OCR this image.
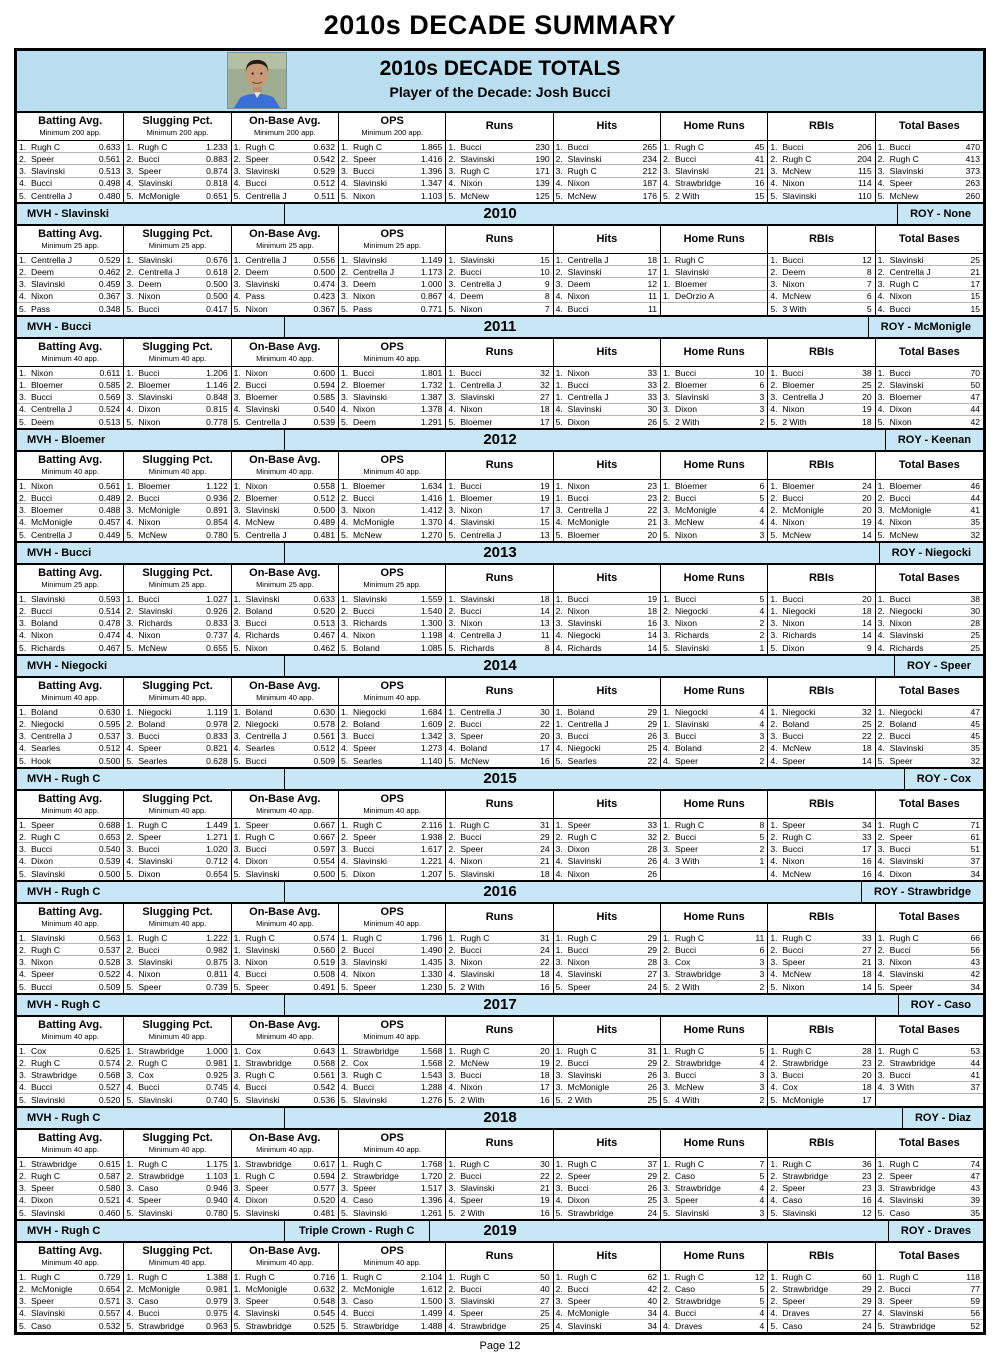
2010s DECADE SUMMARY
2010s DECADE TOTALS
Player of the Decade: Josh Bucci
Batting Avg.
Minimum 200 app.
1. Rugh C	0.633
2. Speer	0.561
3. Slavinski	0.513
4. Bucci	0.498
5. Centrella J	0.480
Slugging Pct.
Minimum 200 app.
1. Rugh C	1.233
2. Bucci	0.883
3. Speer	0.874
4. Slavinski	0.818
5. McMonigle	0.651
On-Base Avg.
Minimum 200 app.
1. Rugh C	0.632
2. Speer	0.542
3. Slavinski	0.529
4. Bucci	0.512
5. Centrella J	0.511
OPS
Minimum 200 app.
1. Rugh C	1.865
2. Speer	1.416
3. Bucci	1.396
4. Slavinski	1.347
5. Nixon	1.103
Runs
1. Bucci	230
2. Slavinski	190
3. Rugh C	171
4. Nixon	139
5. McNew	125
Hits
1. Bucci	265
2. Slavinski	234
3. Rugh C	212
4. Nixon	187
5. McNew	176
Home Runs
1. Rugh C	45
2. Bucci	41
3. Slavinski	21
4. Strawbridge	16
5. 2 With	15
RBIs
1. Bucci	206
2. Rugh C	204
3. McNew	115
4. Nixon	114
5. Slavinski	110
Total Bases
1. Bucci	470
2. Rugh C	413
3. Slavinski	373
4. Speer	263
5. McNew	260
MVH - Slavinski	2010	ROY - None
Batting Avg.
Minimum 25 app.
1. Centrella J	0.529
2. Deem	0.462
3. Slavinski	0.459
4. Nixon	0.367
5. Pass	0.348
Slugging Pct.
Minimum 25 app.
1. Slavinski	0.676
2. Centrella J	0.618
3. Deem	0.500
3. Nixon	0.500
5. Bucci	0.417
On-Base Avg.
Minimum 25 app.
1. Centrella J	0.556
2. Deem	0.500
3. Slavinski	0.474
4. Pass	0.423
5. Nixon	0.367
OPS
Minimum 25 app.
1. Slavinski	1.149
2. Centrella J	1.173
3. Deem	1.000
3. Nixon	0.867
5. Pass	0.771
Runs
1. Slavinski	15
2. Bucci	10
3. Centrella J	9
4. Deem	8
5. Nixon	7
Hits
1. Centrella J	18
2. Slavinski	17
3. Deem	12
4. Nixon	11
4. Bucci	11
Home Runs
1. Rugh C
1. Slavinski
1. Bloemer
1. DeOrzio A
RBIs
1. Bucci	12
2. Deem	8
3. Nixon	7
4. McNew	6
5. 3 With	5
Total Bases
1. Slavinski	25
2. Centrella J	21
3. Rugh C	17
4. Nixon	15
4. Bucci	15
MVH - Bucci	2011	ROY - McMonigle
Batting Avg.
Minimum 40 app.
1. Nixon	0.611
1. Bloemer	0.585
3. Bucci	0.569
4. Centrella J	0.524
5. Deem	0.513
Slugging Pct.
Minimum 40 app.
1. Bucci	1.206
2. Bloemer	1.146
3. Slavinski	0.848
4. Dixon	0.815
5. Nixon	0.778
On-Base Avg.
Minimum 40 app.
1. Nixon	0.600
2. Bucci	0.594
3. Bloemer	0.585
4. Slavinski	0.540
5. Centrella J	0.539
OPS
Minimum 40 app.
1. Bucci	1.801
2. Bloemer	1.732
3. Slavinski	1.387
4. Nixon	1.378
5. Deem	1.291
Runs
1. Bucci	32
1. Centrella J	32
3. Slavinski	27
4. Nixon	18
5. Bloemer	17
Hits
1. Nixon	33
1. Bucci	33
1. Centrella J	33
4. Slavinski	30
5. Dixon	26
Home Runs
1. Bucci	10
2. Bloemer	6
3. Slavinski	3
3. Dixon	3
5. 2 With	2
RBIs
1. Bucci	38
2. Bloemer	25
3. Centrella J	20
4. Nixon	19
5. 2 With	18
Total Bases
1. Bucci	70
2. Slavinski	50
3. Bloemer	47
4. Dixon	44
5. Nixon	42
MVH - Bloemer	2012	ROY - Keenan
Batting Avg.
Minimum 40 app.
1. Nixon	0.561
2. Bucci	0.489
3. Bloemer	0.488
4. McMonigle	0.457
5. Centrella J	0.449
Slugging Pct.
Minimum 40 app.
1. Bloemer	1.122
2. Bucci	0.936
3. McMonigle	0.891
4. Nixon	0.854
5. McNew	0.780
On-Base Avg.
Minimum 40 app.
1. Nixon	0.558
2. Bloemer	0.512
3. Slavinski	0.500
4. McNew	0.489
5. Centrella J	0.481
OPS
Minimum 40 app.
1. Bloemer	1.634
2. Bucci	1.416
3. Nixon	1.412
4. McMonigle	1.370
5. McNew	1.270
Runs
1. Bucci	19
1. Bloemer	19
3. Nixon	17
4. Slavinski	15
5. Centrella J	13
Hits
1. Nixon	23
1. Bucci	23
3. Centrella J	22
4. McMonigle	21
5. Bloemer	20
Home Runs
1. Bloemer	6
2. Bucci	5
3. McMonigle	4
3. McNew	4
5. Nixon	3
RBIs
1. Bloemer	24
2. Bucci	20
2. McMonigle	20
4. Nixon	19
5. McNew	14
Total Bases
1. Bloemer	46
2. Bucci	44
3. McMonigle	41
4. Nixon	35
5. McNew	32
MVH - Bucci	2013	ROY - Niegocki
Batting Avg.
Minimum 25 app.
1. Slavinski	0.593
2. Bucci	0.514
3. Boland	0.478
4. Nixon	0.474
5. Richards	0.467
Slugging Pct.
Minimum 25 app.
1. Bucci	1.027
2. Slavinski	0.926
3. Richards	0.833
4. Nixon	0.737
5. McNew	0.655
On-Base Avg.
Minimum 25 app.
1. Slavinski	0.633
2. Boland	0.520
3. Bucci	0.513
4. Richards	0.467
5. Nixon	0.462
OPS
Minimum 25 app.
1. Slavinski	1.559
2. Bucci	1.540
3. Richards	1.300
4. Nixon	1.198
5. Boland	1.085
Runs
1. Slavinski	18
2. Bucci	14
3. Nixon	13
4. Centrella J	11
5. Richards	8
Hits
1. Bucci	19
2. Nixon	18
3. Slavinski	16
4. Niegocki	14
4. Richards	14
Home Runs
1. Bucci	5
2. Niegocki	4
3. Nixon	2
3. Richards	2
5. Slavinski	1
RBIs
1. Bucci	20
1. Niegocki	18
3. Nixon	14
3. Richards	14
5. Dixon	9
Total Bases
1. Bucci	38
2. Niegocki	30
3. Nixon	28
4. Slavinski	25
4. Richards	25
MVH - Niegocki	2014	ROY - Speer
Batting Avg.
Minimum 40 app.
1. Boland	0.630
2. Niegocki	0.595
3. Centrella J	0.537
4. Searles	0.512
5. Hook	0.500
Slugging Pct.
Minimum 40 app.
1. Niegocki	1.119
2. Boland	0.978
3. Bucci	0.833
4. Speer	0.821
5. Searles	0.628
On-Base Avg.
Minimum 40 app.
1. Boland	0.630
2. Niegocki	0.578
3. Centrella J	0.561
4. Searles	0.512
5. Bucci	0.509
OPS
Minimum 40 app.
1. Niegocki	1.684
2. Boland	1.609
3. Bucci	1.342
4. Speer	1.273
5. Searles	1.140
Runs
1. Centrella J	30
2. Bucci	22
3. Speer	20
4. Boland	17
5. McNew	16
Hits
1. Boland	29
1. Centrella J	29
3. Bucci	26
4. Niegocki	25
5. Searles	22
Home Runs
1. Niegocki	4
1. Slavinski	4
3. Bucci	3
4. Boland	2
4. Speer	2
RBIs
1. Niegocki	32
2. Boland	25
3. Bucci	22
4. McNew	18
4. Speer	14
Total Bases
1. Niegocki	47
2. Boland	45
2. Bucci	45
4. Slavinski	35
5. Speer	32
MVH - Rugh C	2015	ROY - Cox
Batting Avg.
Minimum 40 app.
1. Speer	0.688
2. Rugh C	0.653
3. Bucci	0.540
4. Dixon	0.539
5. Slavinski	0.500
Slugging Pct.
Minimum 40 app.
1. Rugh C	1.449
2. Speer	1.271
3. Bucci	1.020
4. Slavinski	0.712
5. Dixon	0.654
On-Base Avg.
Minimum 40 app.
1. Speer	0.667
1. Rugh C	0.667
3. Bucci	0.597
4. Dixon	0.554
5. Slavinski	0.500
OPS
Minimum 40 app.
1. Rugh C	2.116
2. Speer	1.938
3. Bucci	1.617
4. Slavinski	1.221
5. Dixon	1.207
Runs
1. Rugh C	31
2. Bucci	29
2. Speer	24
4. Nixon	21
5. Slavinski	18
Hits
1. Speer	33
2. Rugh C	32
3. Dixon	28
4. Slavinski	26
4. Nixon	26
Home Runs
1. Rugh C	8
2. Bucci	5
3. Speer	2
4. 3 With	1
RBIs
1. Speer	34
2. Rugh C	33
3. Bucci	17
4. Nixon	16
4. McNew	16
Total Bases
1. Rugh C	71
2. Speer	61
3. Bucci	51
4. Slavinski	37
4. Dixon	34
MVH - Rugh C	2016	ROY - Strawbridge
Batting Avg.
Minimum 40 app.
1. Slavinski	0.563
2. Rugh C	0.537
3. Nixon	0.528
4. Speer	0.522
5. Bucci	0.509
Slugging Pct.
Minimum 40 app.
1. Rugh C	1.222
2. Bucci	0.982
3. Slavinski	0.875
4. Nixon	0.811
5. Speer	0.739
On-Base Avg.
Minimum 40 app.
1. Rugh C	0.574
1. Slavinski	0.560
3. Nixon	0.519
4. Bucci	0.508
5. Speer	0.491
OPS
Minimum 40 app.
1. Rugh C	1.796
2. Bucci	1.490
3. Slavinski	1.435
4. Nixon	1.330
5. Speer	1.230
Runs
1. Rugh C	31
2. Bucci	24
3. Nixon	22
4. Slavinski	18
5. 2 With	16
Hits
1. Rugh C	29
1. Bucci	29
3. Nixon	28
4. Slavinski	27
5. Speer	24
Home Runs
1. Rugh C	11
2. Bucci	6
3. Cox	3
3. Strawbridge	3
5. 2 With	2
RBIs
1. Rugh C	33
2. Bucci	27
3. Speer	21
4. McNew	18
5. Nixon	14
Total Bases
1. Rugh C	66
2. Bucci	56
3. Nixon	43
4. Slavinski	42
5. Speer	34
MVH - Rugh C	2017	ROY - Caso
Batting Avg.
Minimum 40 app.
1. Cox	0.625
2. Rugh C	0.574
3. Strawbridge	0.568
4. Bucci	0.527
5. Slavinski	0.520
Slugging Pct.
Minimum 40 app.
1. Strawbridge	1.000
2. Rugh C	0.981
3. Cox	0.925
4. Bucci	0.745
5. Slavinski	0.740
On-Base Avg.
Minimum 40 app.
1. Cox	0.643
1. Strawbridge	0.568
3. Rugh C	0.561
4. Bucci	0.542
5. Slavinski	0.536
OPS
Minimum 40 app.
1. Strawbridge	1.568
2. Cox	1.568
3. Rugh C	1.543
4. Bucci	1.288
5. Slavinski	1.276
Runs
1. Rugh C	20
2. McNew	19
3. Bucci	18
4. Nixon	17
5. 2 With	16
Hits
1. Rugh C	31
2. Bucci	29
3. Slavinski	26
3. McMonigle	26
5. 2 With	25
Home Runs
1. Rugh C	5
2. Strawbridge	4
3. Bucci	3
3. McNew	3
5. 4 With	2
RBIs
1. Rugh C	28
2. Strawbridge	23
3. Bucci	20
4. Cox	18
5. McMonigle	17
Total Bases
1. Rugh C	53
2. Strawbridge	44
3. Bucci	41
4. 3 With	37
MVH - Rugh C	2018	ROY - Diaz
Batting Avg.
Minimum 40 app.
1. Strawbridge	0.615
2. Rugh C	0.587
3. Speer	0.580
4. Dixon	0.521
5. Slavinski	0.460
Slugging Pct.
Minimum 40 app.
1. Rugh C	1.175
2. Strawbridge	1.103
3. Caso	0.946
4. Speer	0.940
5. Slavinski	0.780
On-Base Avg.
Minimum 40 app.
1. Strawbridge	0.617
1. Rugh C	0.594
3. Speer	0.577
4. Dixon	0.520
5. Slavinski	0.481
OPS
Minimum 40 app.
1. Rugh C	1.768
2. Strawbridge	1.720
3. Speer	1.517
4. Caso	1.396
5. Slavinski	1.261
Runs
1. Rugh C	30
2. Bucci	22
3. Slavinski	21
4. Speer	19
5. 2 With	16
Hits
1. Rugh C	37
2. Speer	29
3. Bucci	26
4. Dixon	25
5. Strawbridge	24
Home Runs
1. Rugh C	7
2. Caso	5
3. Strawbridge	4
3. Speer	4
5. Slavinski	3
RBIs
1. Rugh C	36
2. Strawbridge	23
2. Speer	23
4. Caso	16
5. Slavinski	12
Total Bases
1. Rugh C	74
2. Speer	47
3. Strawbridge	43
4. Slavinski	39
5. Caso	35
MVH - Rugh C	Triple Crown - Rugh C	2019	ROY - Draves
Batting Avg.
Minimum 40 app.
1. Rugh C	0.729
2. McMonigle	0.654
3. Speer	0.571
4. Slavinski	0.557
5. Caso	0.532
Slugging Pct.
Minimum 40 app.
1. Rugh C	1.388
2. McMonigle	0.981
3. Caso	0.979
4. Bucci	0.975
5. Strawbridge	0.963
On-Base Avg.
Minimum 40 app.
1. Rugh C	0.716
1. McMonigle	0.632
3. Speer	0.548
4. Slavinski	0.545
5. Strawbridge	0.525
OPS
Minimum 40 app.
1. Rugh C	2.104
2. McMonigle	1.612
3. Caso	1.500
4. Bucci	1.499
5. Strawbridge	1.488
Runs
1. Rugh C	50
2. Bucci	40
3. Slavinski	27
4. Speer	25
4. Strawbridge	25
Hits
1. Rugh C	62
2. Bucci	42
3. Speer	40
4. McMonigle	34
4. Slavinski	34
Home Runs
1. Rugh C	12
2. Caso	5
2. Strawbridge	5
4. Bucci	4
4. Draves	4
RBIs
1. Rugh C	60
2. Strawbridge	29
2. Speer	29
4. Draves	27
5. Caso	24
Total Bases
1. Rugh C	118
2. Bucci	77
3. Speer	59
4. Slavinski	56
5. Strawbridge	52
Page 12
